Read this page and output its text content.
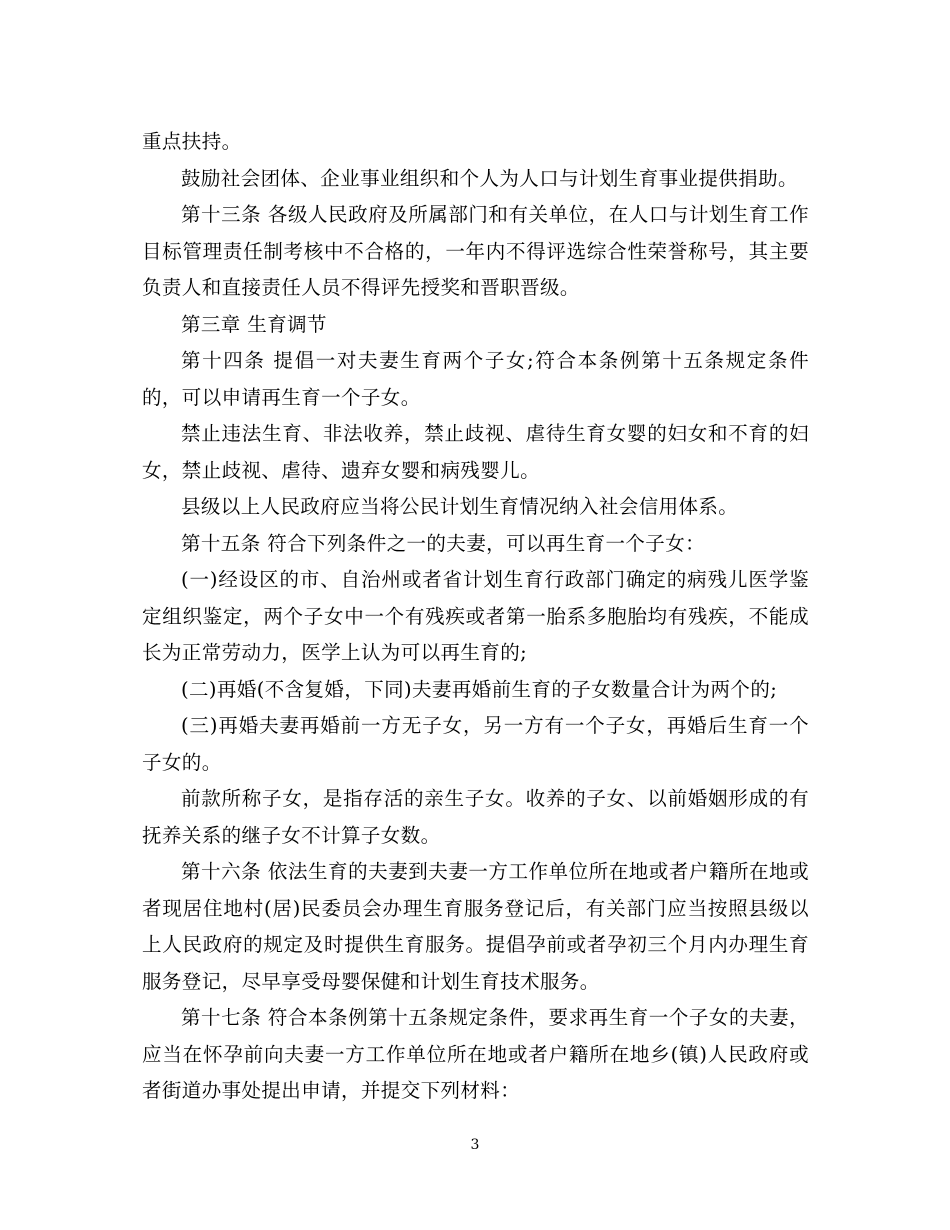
重点扶持。

鼓励社会团体、企业事业组织和个人为人口与计划生育事业提供捐助。

第十三条 各级人民政府及所属部门和有关单位，在人口与计划生育工作目标管理责任制考核中不合格的，一年内不得评选综合性荣誉称号，其主要负责人和直接责任人员不得评先授奖和晋职晋级。

第三章 生育调节

第十四条 提倡一对夫妻生育两个子女;符合本条例第十五条规定条件的，可以申请再生育一个子女。

禁止违法生育、非法收养，禁止歧视、虐待生育女婴的妇女和不育的妇女，禁止歧视、虐待、遗弃女婴和病残婴儿。

县级以上人民政府应当将公民计划生育情况纳入社会信用体系。

第十五条 符合下列条件之一的夫妻，可以再生育一个子女：

(一)经设区的市、自治州或者省计划生育行政部门确定的病残儿医学鉴定组织鉴定，两个子女中一个有残疾或者第一胎系多胞胎均有残疾，不能成长为正常劳动力，医学上认为可以再生育的;

(二)再婚(不含复婚，下同)夫妻再婚前生育的子女数量合计为两个的;

(三)再婚夫妻再婚前一方无子女，另一方有一个子女，再婚后生育一个子女的。

前款所称子女，是指存活的亲生子女。收养的子女、以前婚姻形成的有抚养关系的继子女不计算子女数。

第十六条 依法生育的夫妻到夫妻一方工作单位所在地或者户籍所在地或者现居住地村(居)民委员会办理生育服务登记后，有关部门应当按照县级以上人民政府的规定及时提供生育服务。提倡孕前或者孕初三个月内办理生育服务登记，尽早享受母婴保健和计划生育技术服务。

第十七条 符合本条例第十五条规定条件，要求再生育一个子女的夫妻，应当在怀孕前向夫妻一方工作单位所在地或者户籍所在地乡(镇)人民政府或者街道办事处提出申请，并提交下列材料：

3
